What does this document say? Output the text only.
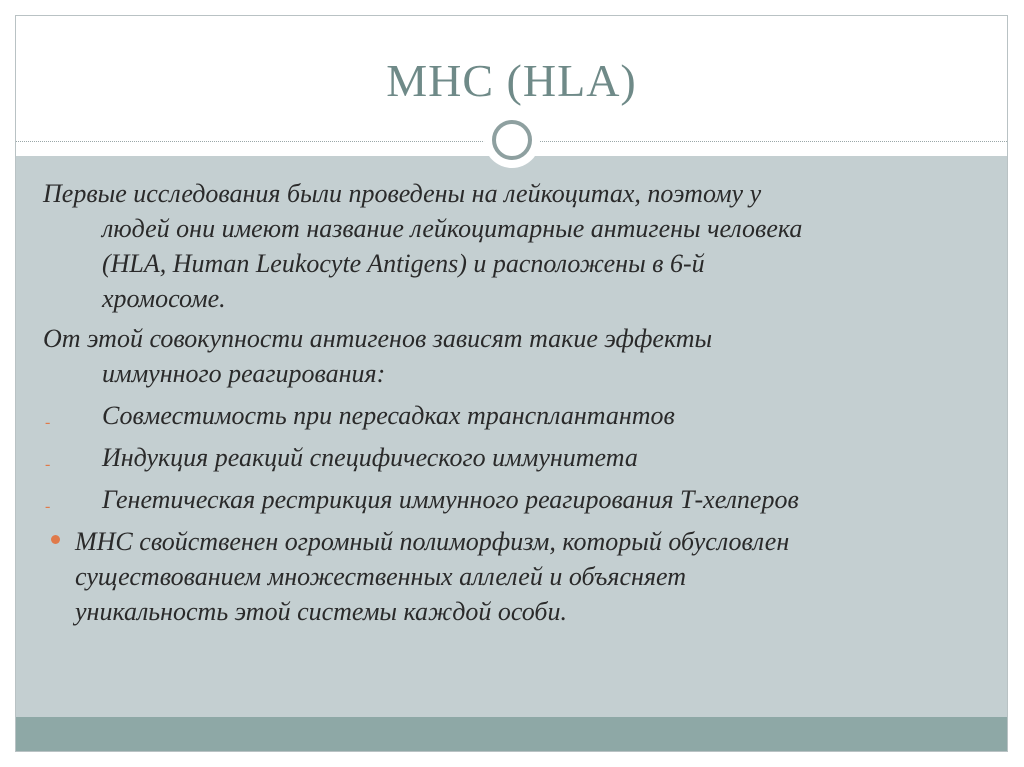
MHC (HLA)
Первые исследования были проведены на лейкоцитах, поэтому у
людей они имеют название лейкоцитарные антигены человека
(HLA, Human Leukocyte Antigens) и расположены в 6-й
хромосоме.
От этой совокупности антигенов зависят такие эффекты
иммунного реагирования:
- Совместимость при пересадках трансплантантов
- Индукция реакций специфического иммунитета
- Генетическая рестрикция иммунного реагирования Т-хелперов
MHC свойственен огромный полиморфизм, который обусловлен
существованием множественных аллелей и объясняет
уникальность этой системы каждой особи.
